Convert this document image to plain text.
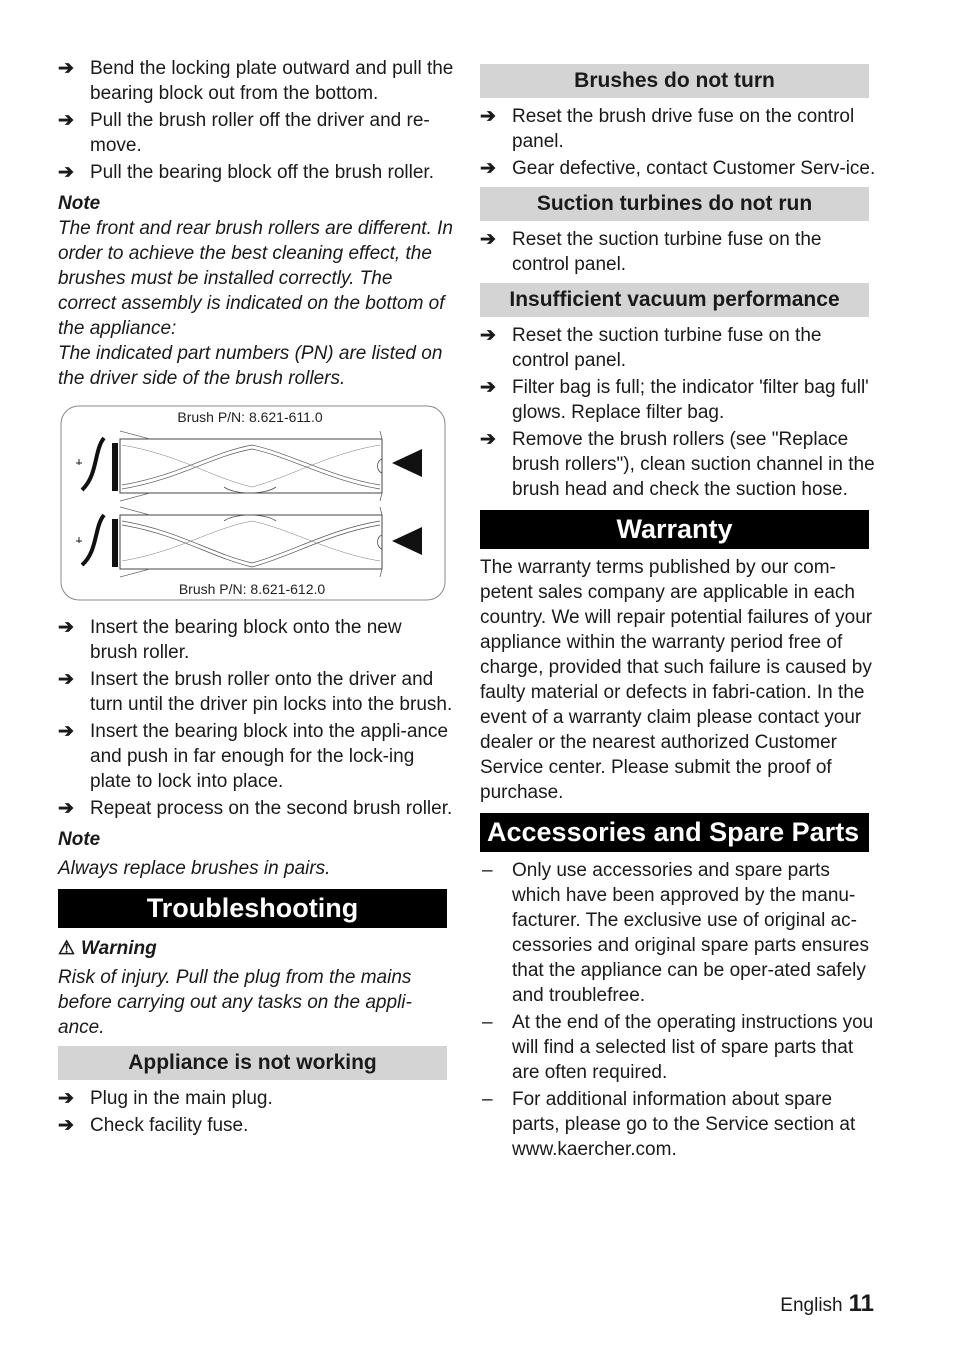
➔ Bend the locking plate outward and pull the bearing block out from the bottom.
➔ Pull the brush roller off the driver and re-move.
➔ Pull the bearing block off the brush roller.

Note

The front and rear brush rollers are different. In order to achieve the best cleaning effect, the brushes must be installed correctly. The correct assembly is indicated on the bottom of the appliance:

The indicated part numbers (PN) are listed on the driver side of the brush rollers.

Brush P/N: 8.621-611.0
Brush P/N: 8.621-612.0
➔ Insert the bearing block onto the new brush roller.
➔ Insert the brush roller onto the driver and turn until the driver pin locks into the brush.
➔ Insert the bearing block into the appli-ance and push in far enough for the lock-ing plate to lock into place.
➔ Repeat process on the second brush roller.

Note

Always replace brushes in pairs.

Troubleshooting

⚠ Warning

Risk of injury. Pull the plug from the mains before carrying out any tasks on the appli-ance.

Appliance is not working
➔ Plug in the main plug.
➔ Check facility fuse.
Brushes do not turn
➔ Reset the brush drive fuse on the control panel.
➔ Gear defective, contact Customer Serv-ice.
Suction turbines do not run
➔ Reset the suction turbine fuse on the control panel.
Insufficient vacuum performance
➔ Reset the suction turbine fuse on the control panel.
➔ Filter bag is full; the indicator 'filter bag full' glows. Replace filter bag.
➔ Remove the brush rollers (see "Replace brush rollers"), clean suction channel in the brush head and check the suction hose.
Warranty

The warranty terms published by our com-petent sales company are applicable in each country. We will repair potential failures of your appliance within the warranty period free of charge, provided that such failure is caused by faulty material or defects in fabri-cation. In the event of a warranty claim please contact your dealer or the nearest authorized Customer Service center. Please submit the proof of purchase.

Accessories and Spare Parts
– Only use accessories and spare parts which have been approved by the manu-facturer. The exclusive use of original ac-cessories and original spare parts ensures that the appliance can be oper-ated safely and troublefree.
– At the end of the operating instructions you will find a selected list of spare parts that are often required.
– For additional information about spare parts, please go to the Service section at www.kaercher.com.
English 11
